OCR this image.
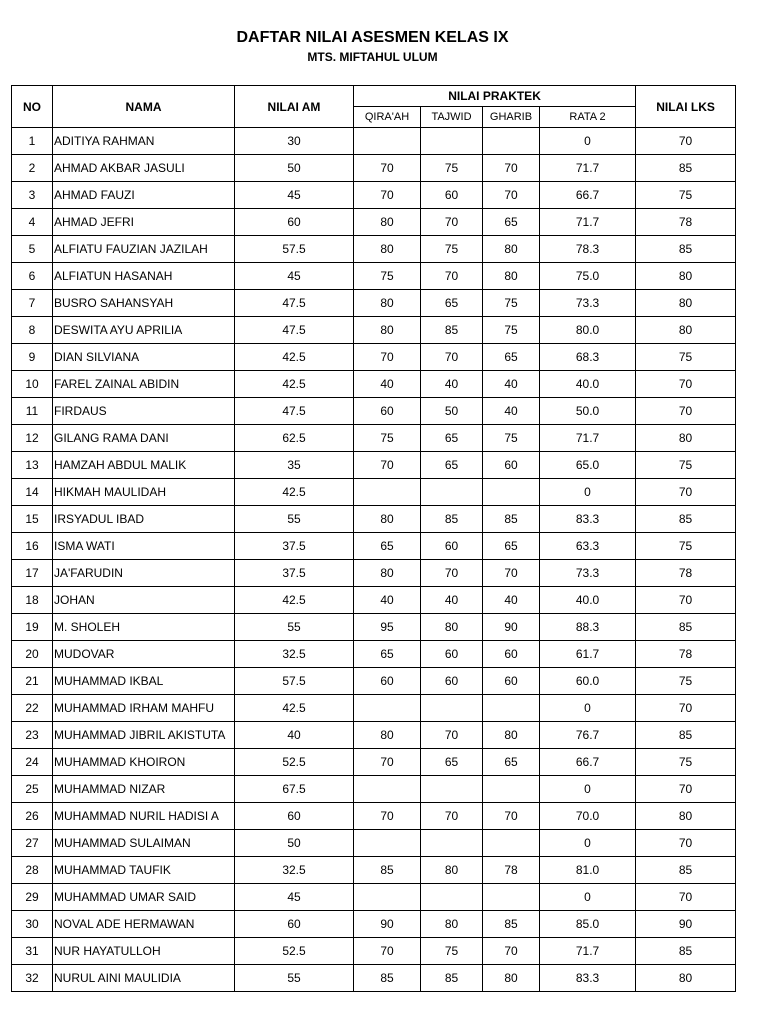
DAFTAR NILAI ASESMEN KELAS IX
MTS. MIFTAHUL ULUM
NO	NAMA	NILAI AM	NILAI PRAKTEK				NILAI LKS
			QIRA'AH	TAJWID	GHARIB	RATA 2	
1	ADITIYA RAHMAN	30				0	70
2	AHMAD AKBAR JASULI	50	70	75	70	71.7	85
3	AHMAD FAUZI	45	70	60	70	66.7	75
4	AHMAD JEFRI	60	80	70	65	71.7	78
5	ALFIATU FAUZIAN JAZILAH	57.5	80	75	80	78.3	85
6	ALFIATUN HASANAH	45	75	70	80	75.0	80
7	BUSRO SAHANSYAH	47.5	80	65	75	73.3	80
8	DESWITA AYU APRILIA	47.5	80	85	75	80.0	80
9	DIAN SILVIANA	42.5	70	70	65	68.3	75
10	FAREL ZAINAL ABIDIN	42.5	40	40	40	40.0	70
11	FIRDAUS	47.5	60	50	40	50.0	70
12	GILANG RAMA DANI	62.5	75	65	75	71.7	80
13	HAMZAH ABDUL MALIK	35	70	65	60	65.0	75
14	HIKMAH MAULIDAH	42.5				0	70
15	IRSYADUL IBAD	55	80	85	85	83.3	85
16	ISMA WATI	37.5	65	60	65	63.3	75
17	JA'FARUDIN	37.5	80	70	70	73.3	78
18	JOHAN	42.5	40	40	40	40.0	70
19	M. SHOLEH	55	95	80	90	88.3	85
20	MUDOVAR	32.5	65	60	60	61.7	78
21	MUHAMMAD IKBAL	57.5	60	60	60	60.0	75
22	MUHAMMAD IRHAM MAHFU	42.5				0	70
23	MUHAMMAD JIBRIL AKISTUTA	40	80	70	80	76.7	85
24	MUHAMMAD KHOIRON	52.5	70	65	65	66.7	75
25	MUHAMMAD NIZAR	67.5				0	70
26	MUHAMMAD NURIL HADISI A	60	70	70	70	70.0	80
27	MUHAMMAD SULAIMAN	50				0	70
28	MUHAMMAD TAUFIK	32.5	85	80	78	81.0	85
29	MUHAMMAD UMAR SAID	45				0	70
30	NOVAL ADE HERMAWAN	60	90	80	85	85.0	90
31	NUR HAYATULLOH	52.5	70	75	70	71.7	85
32	NURUL AINI MAULIDIA	55	85	85	80	83.3	80
